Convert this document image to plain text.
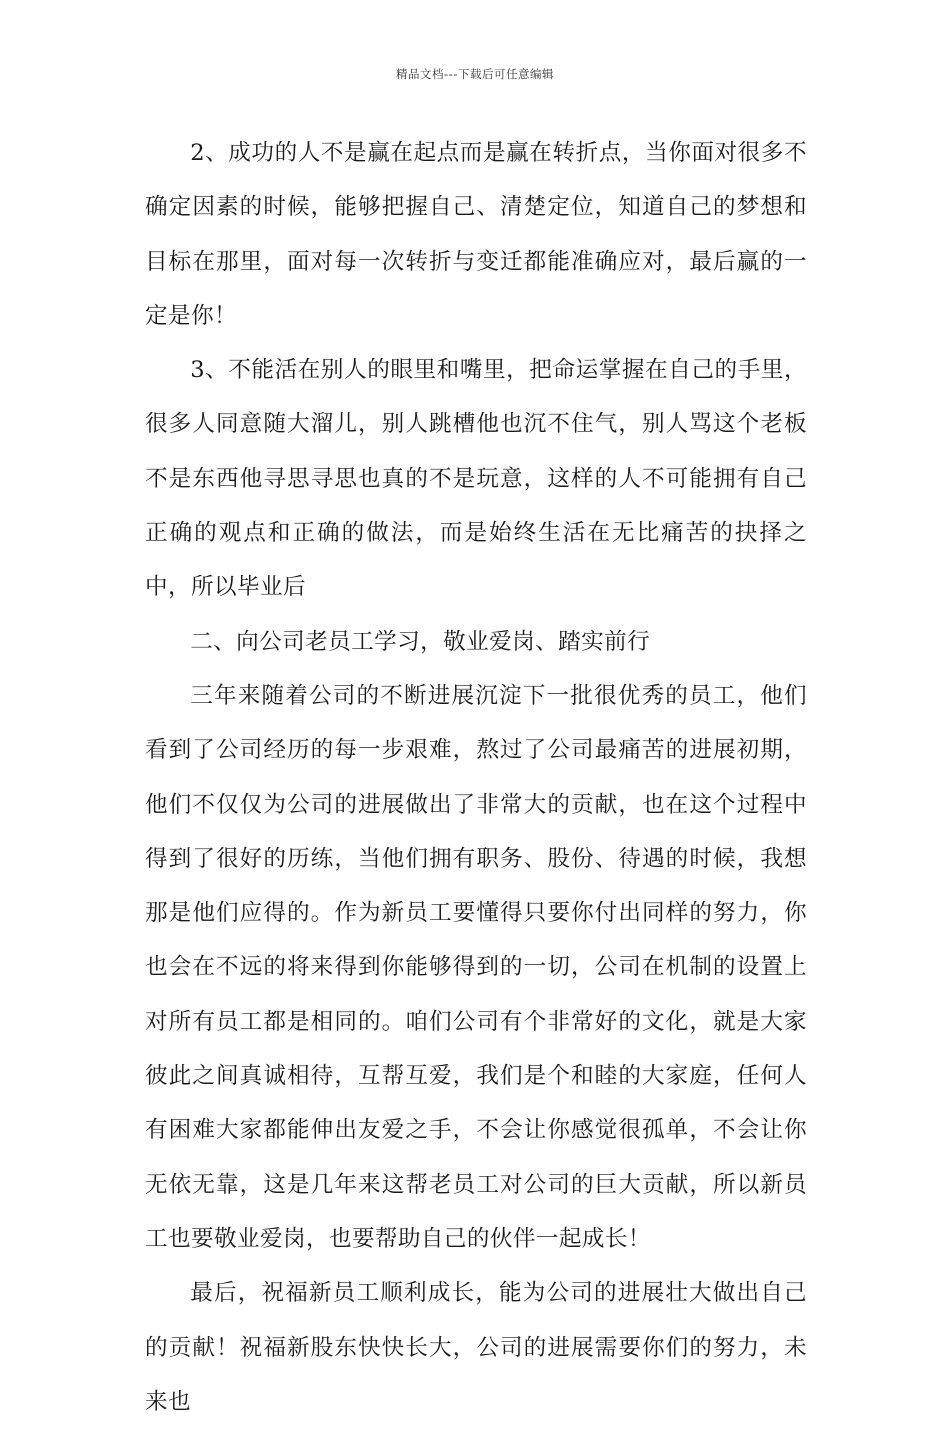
精品文档---下载后可任意编辑

2、成功的人不是赢在起点而是赢在转折点，当你面对很多不确定因素的时候，能够把握自己、清楚定位，知道自己的梦想和目标在那里，面对每一次转折与变迁都能准确应对，最后赢的一定是你！

3、不能活在别人的眼里和嘴里，把命运掌握在自己的手里，很多人同意随大溜儿，别人跳槽他也沉不住气，别人骂这个老板不是东西他寻思寻思也真的不是玩意，这样的人不可能拥有自己正确的观点和正确的做法，而是始终生活在无比痛苦的抉择之中，所以毕业后

二、向公司老员工学习，敬业爱岗、踏实前行

三年来随着公司的不断进展沉淀下一批很优秀的员工，他们看到了公司经历的每一步艰难，熬过了公司最痛苦的进展初期，他们不仅仅为公司的进展做出了非常大的贡献，也在这个过程中得到了很好的历练，当他们拥有职务、股份、待遇的时候，我想那是他们应得的。作为新员工要懂得只要你付出同样的努力，你也会在不远的将来得到你能够得到的一切，公司在机制的设置上对所有员工都是相同的。咱们公司有个非常好的文化，就是大家彼此之间真诚相待，互帮互爱，我们是个和睦的大家庭，任何人有困难大家都能伸出友爱之手，不会让你感觉很孤单，不会让你无依无靠，这是几年来这帮老员工对公司的巨大贡献，所以新员工也要敬业爱岗，也要帮助自己的伙伴一起成长！

最后，祝福新员工顺利成长，能为公司的进展壮大做出自己的贡献！祝福新股东快快长大，公司的进展需要你们的努力，未来也
